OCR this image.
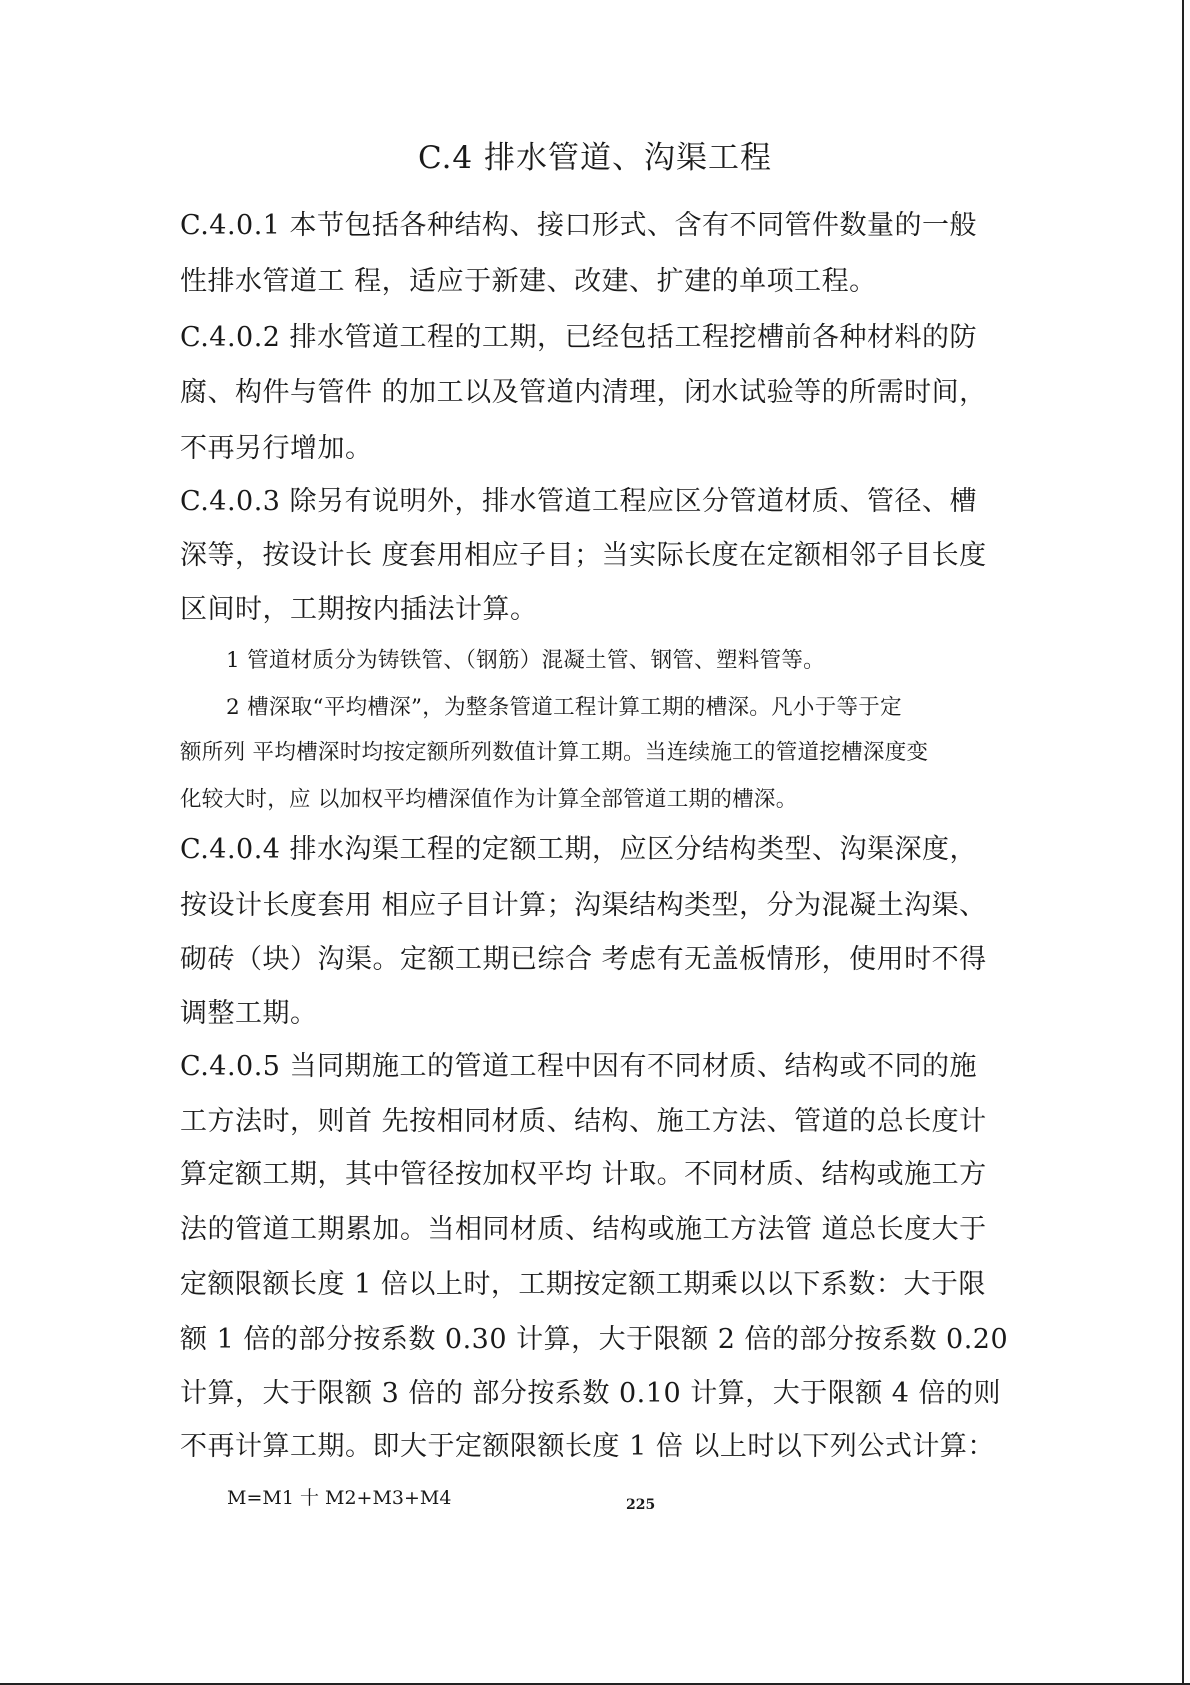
C.4 排水管道、沟渠工程

C.4.0.1 本节包括各种结构、接口形式、含有不同管件数量的一般

性排水管道工 程，适应于新建、改建、扩建的单项工程。

C.4.0.2 排水管道工程的工期，已经包括工程挖槽前各种材料的防

腐、构件与管件 的加工以及管道内清理，闭水试验等的所需时间，

不再另行增加。

C.4.0.3 除另有说明外，排水管道工程应区分管道材质、管径、槽

深等，按设计长 度套用相应子目；当实际长度在定额相邻子目长度

区间时，工期按内插法计算。

1 管道材质分为铸铁管、（钢筋）混凝土管、钢管、塑料管等。

2 槽深取“平均槽深”，为整条管道工程计算工期的槽深。凡小于等于定

额所列 平均槽深时均按定额所列数值计算工期。当连续施工的管道挖槽深度变

化较大时，应 以加权平均槽深值作为计算全部管道工期的槽深。

C.4.0.4 排水沟渠工程的定额工期，应区分结构类型、沟渠深度，

按设计长度套用 相应子目计算；沟渠结构类型，分为混凝土沟渠、

砌砖（块）沟渠。定额工期已综合 考虑有无盖板情形，使用时不得

调整工期。

C.4.0.5 当同期施工的管道工程中因有不同材质、结构或不同的施

工方法时，则首 先按相同材质、结构、施工方法、管道的总长度计

算定额工期，其中管径按加权平均 计取。不同材质、结构或施工方

法的管道工期累加。当相同材质、结构或施工方法管 道总长度大于

定额限额长度 1 倍以上时，工期按定额工期乘以以下系数：大于限

额 1 倍的部分按系数 0.30 计算，大于限额 2 倍的部分按系数 0.20

计算，大于限额 3 倍的 部分按系数 0.10 计算，大于限额 4 倍的则

不再计算工期。即大于定额限额长度 1 倍 以上时以下列公式计算：

M=M1 十 M2+M3+M4	225
